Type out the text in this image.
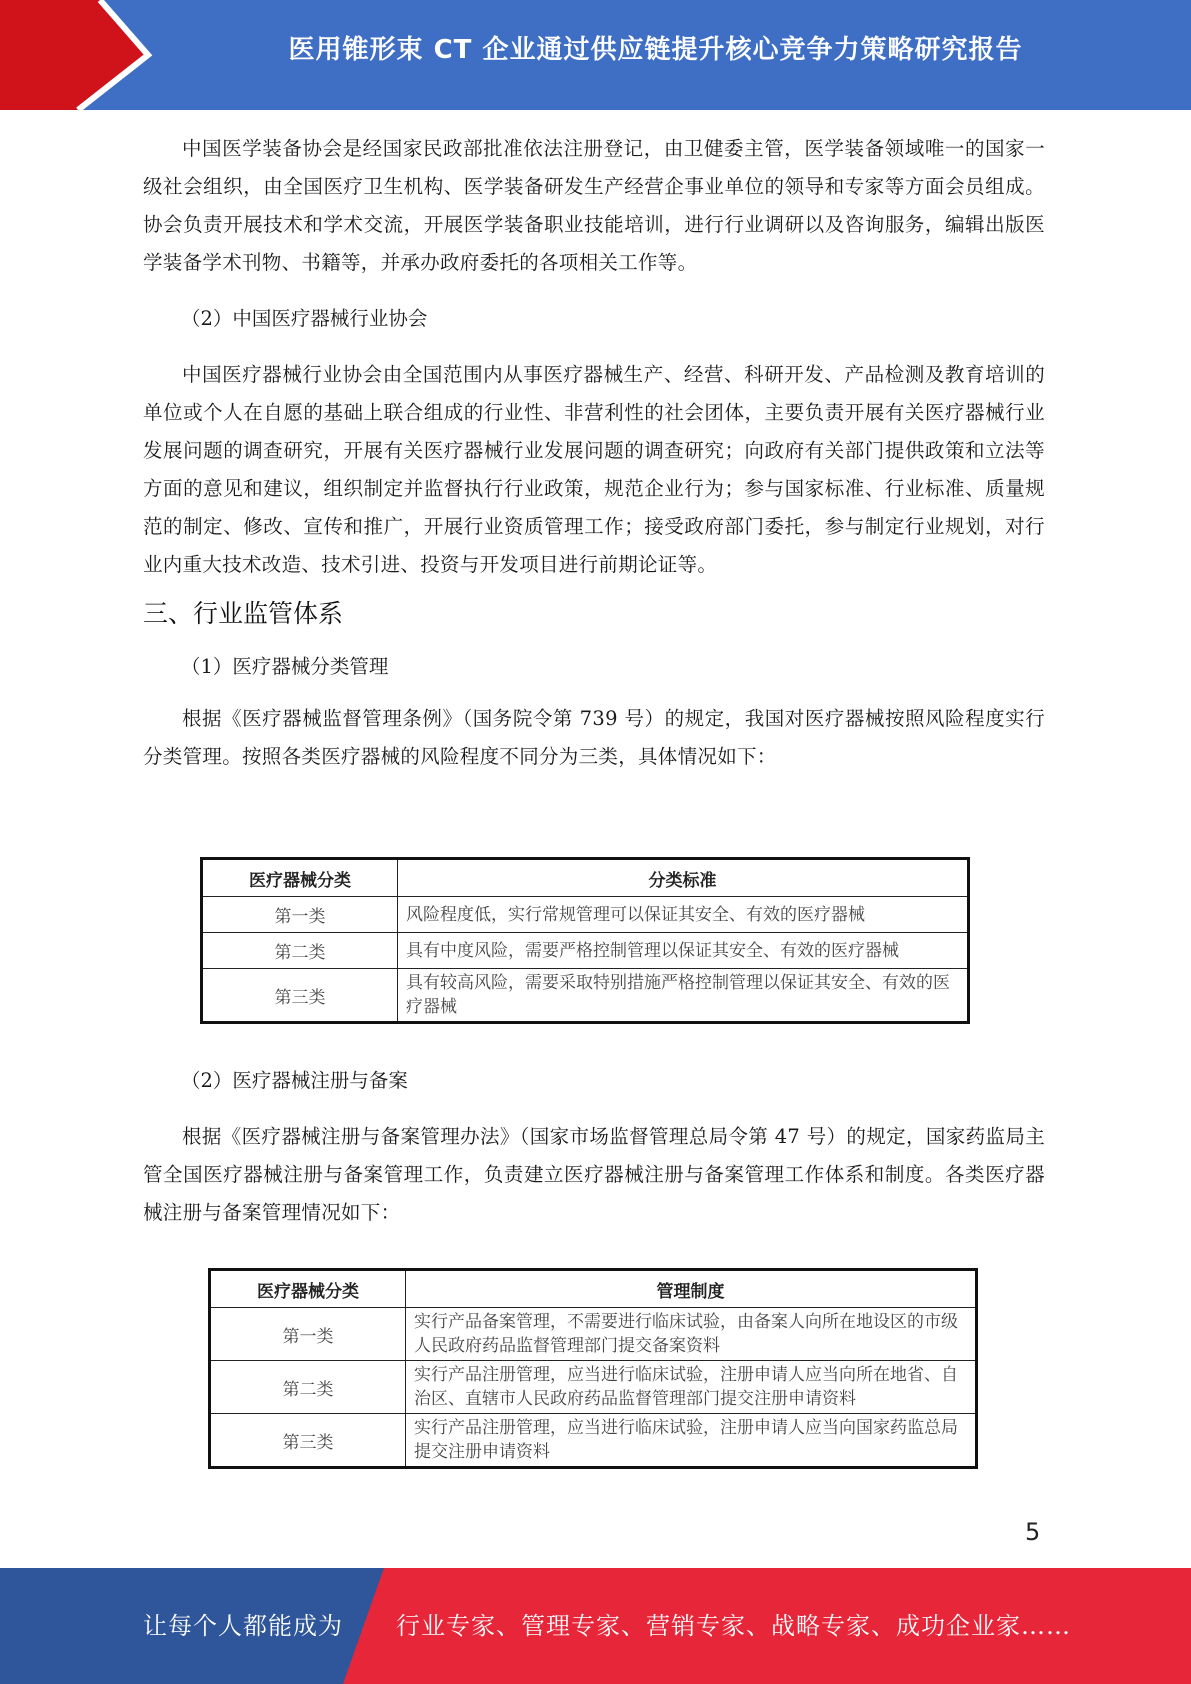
医用锥形束 CT 企业通过供应链提升核心竞争力策略研究报告

中国医学装备协会是经国家民政部批准依法注册登记，由卫健委主管，医学装备领域唯一的国家一级社会组织，由全国医疗卫生机构、医学装备研发生产经营企事业单位的领导和专家等方面会员组成。协会负责开展技术和学术交流，开展医学装备职业技能培训，进行行业调研以及咨询服务，编辑出版医学装备学术刊物、书籍等，并承办政府委托的各项相关工作等。

（2）中国医疗器械行业协会

中国医疗器械行业协会由全国范围内从事医疗器械生产、经营、科研开发、产品检测及教育培训的单位或个人在自愿的基础上联合组成的行业性、非营利性的社会团体，主要负责开展有关医疗器械行业发展问题的调查研究，开展有关医疗器械行业发展问题的调查研究；向政府有关部门提供政策和立法等方面的意见和建议，组织制定并监督执行行业政策，规范企业行为；参与国家标准、行业标准、质量规范的制定、修改、宣传和推广，开展行业资质管理工作；接受政府部门委托，参与制定行业规划，对行业内重大技术改造、技术引进、投资与开发项目进行前期论证等。

三、行业监管体系

（1）医疗器械分类管理

根据《医疗器械监督管理条例》（国务院令第 739 号）的规定，我国对医疗器械按照风险程度实行分类管理。按照各类医疗器械的风险程度不同分为三类，具体情况如下：

医疗器械分类	分类标准
第一类	风险程度低，实行常规管理可以保证其安全、有效的医疗器械
第二类	具有中度风险，需要严格控制管理以保证其安全、有效的医疗器械
第三类	具有较高风险，需要采取特别措施严格控制管理以保证其安全、有效的医疗器械

（2）医疗器械注册与备案

根据《医疗器械注册与备案管理办法》（国家市场监督管理总局令第 47 号）的规定，国家药监局主管全国医疗器械注册与备案管理工作，负责建立医疗器械注册与备案管理工作体系和制度。各类医疗器械注册与备案管理情况如下：

医疗器械分类	管理制度
第一类	实行产品备案管理，不需要进行临床试验，由备案人向所在地设区的市级人民政府药品监督管理部门提交备案资料
第二类	实行产品注册管理，应当进行临床试验，注册申请人应当向所在地省、自治区、直辖市人民政府药品监督管理部门提交注册申请资料
第三类	实行产品注册管理，应当进行临床试验，注册申请人应当向国家药监总局提交注册申请资料
5
让每个人都能成为 行业专家、管理专家、营销专家、战略专家、成功企业家……
